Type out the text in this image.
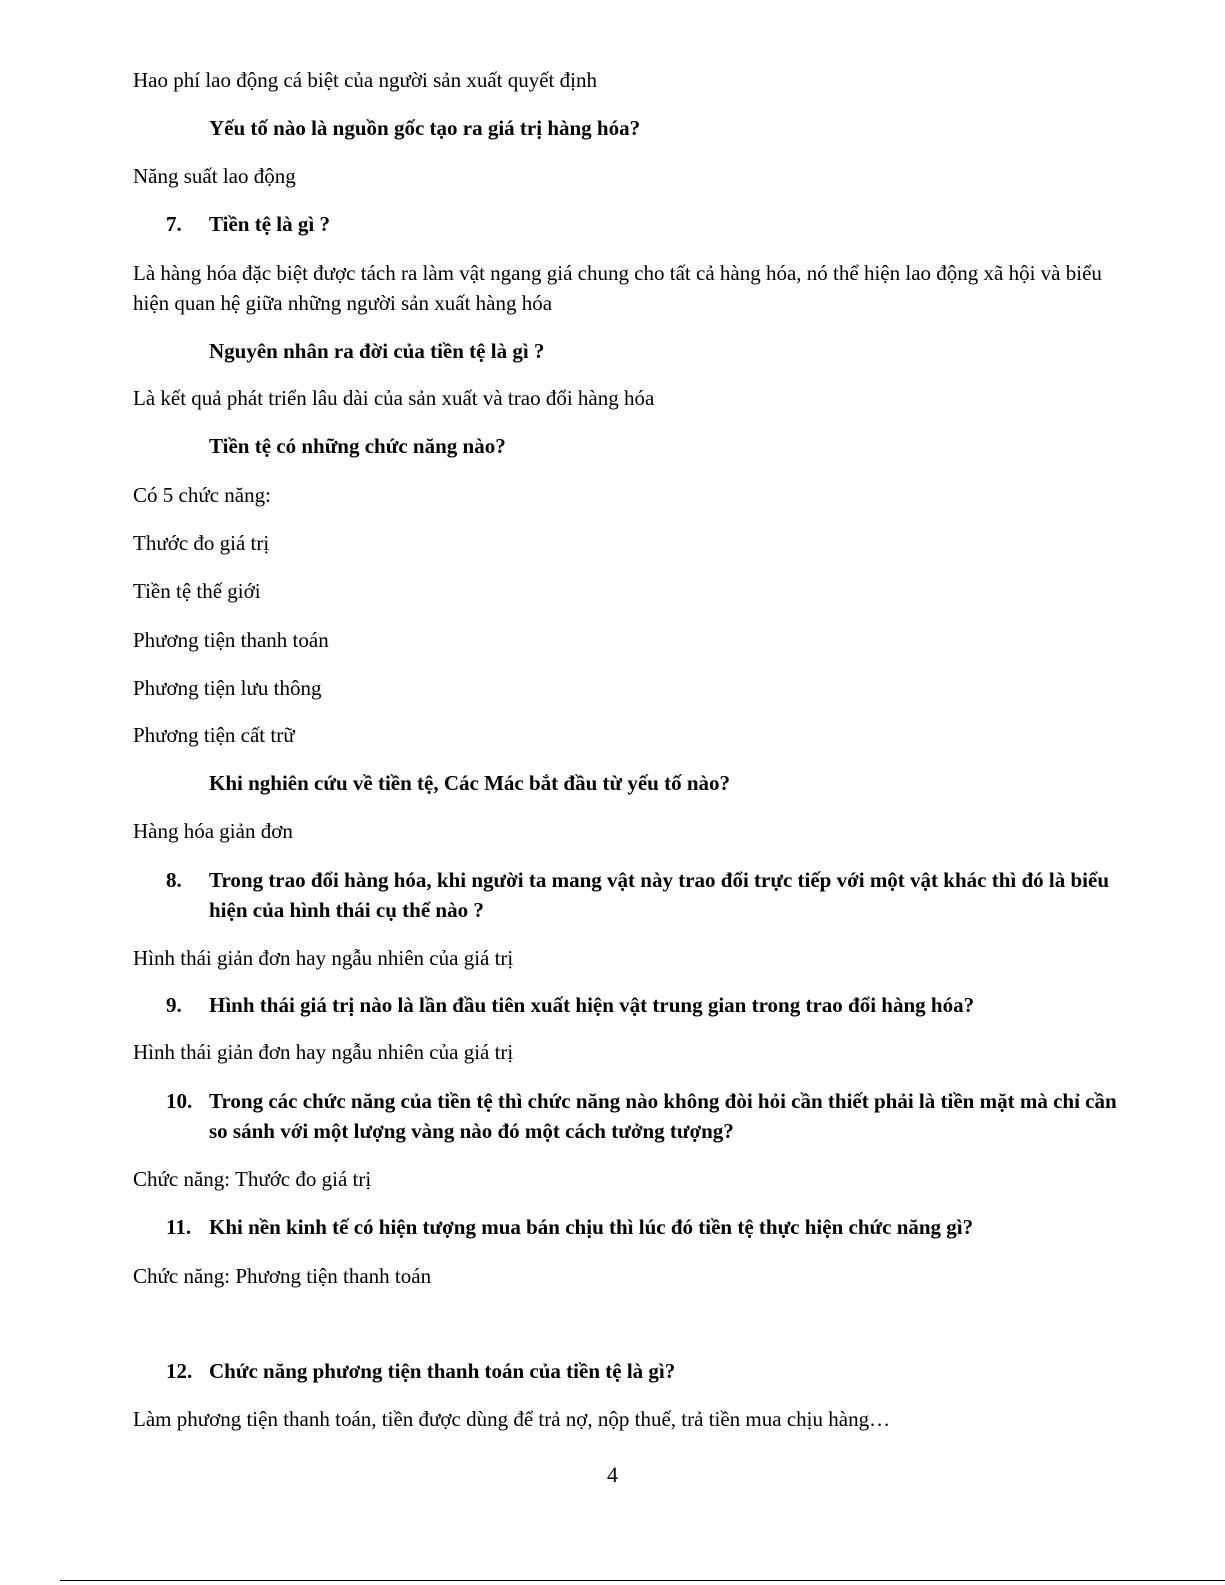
Hao phí lao động cá biệt của người sản xuất quyết định
Yếu tố nào là nguồn gốc tạo ra giá trị hàng hóa?
Năng suất lao động
7. Tiền tệ là gì ?
Là hàng hóa đặc biệt được tách ra làm vật ngang giá chung cho tất cả hàng hóa, nó thể hiện lao động xã hội và biểu hiện quan hệ giữa những người sản xuất hàng hóa
Nguyên nhân ra đời của tiền tệ là gì ?
Là kết quả phát triển lâu dài của sản xuất và trao đổi hàng hóa
Tiền tệ có những chức năng nào?
Có 5 chức năng:
Thước đo giá trị
Tiền tệ thế giới
Phương tiện thanh toán
Phương tiện lưu thông
Phương tiện cất trữ
Khi nghiên cứu về tiền tệ, Các Mác bắt đầu từ yếu tố nào?
Hàng hóa giản đơn
8. Trong trao đổi hàng hóa, khi người ta mang vật này trao đổi trực tiếp với một vật khác thì đó là biểu hiện của hình thái cụ thể nào ?
Hình thái giản đơn hay ngẫu nhiên của giá trị
9. Hình thái giá trị nào là lần đầu tiên xuất hiện vật trung gian trong trao đổi hàng hóa?
Hình thái giản đơn hay ngẫu nhiên của giá trị
10. Trong các chức năng của tiền tệ thì chức năng nào không đòi hỏi cần thiết phải là tiền mặt mà chỉ cần so sánh với một lượng vàng nào đó một cách tưởng tượng?
Chức năng: Thước đo giá trị
11. Khi nền kinh tế có hiện tượng mua bán chịu thì lúc đó tiền tệ thực hiện chức năng gì?
Chức năng: Phương tiện thanh toán
12. Chức năng phương tiện thanh toán của tiền tệ là gì?
Làm phương tiện thanh toán, tiền được dùng để trả nợ, nộp thuế, trả tiền mua chịu hàng…
4
